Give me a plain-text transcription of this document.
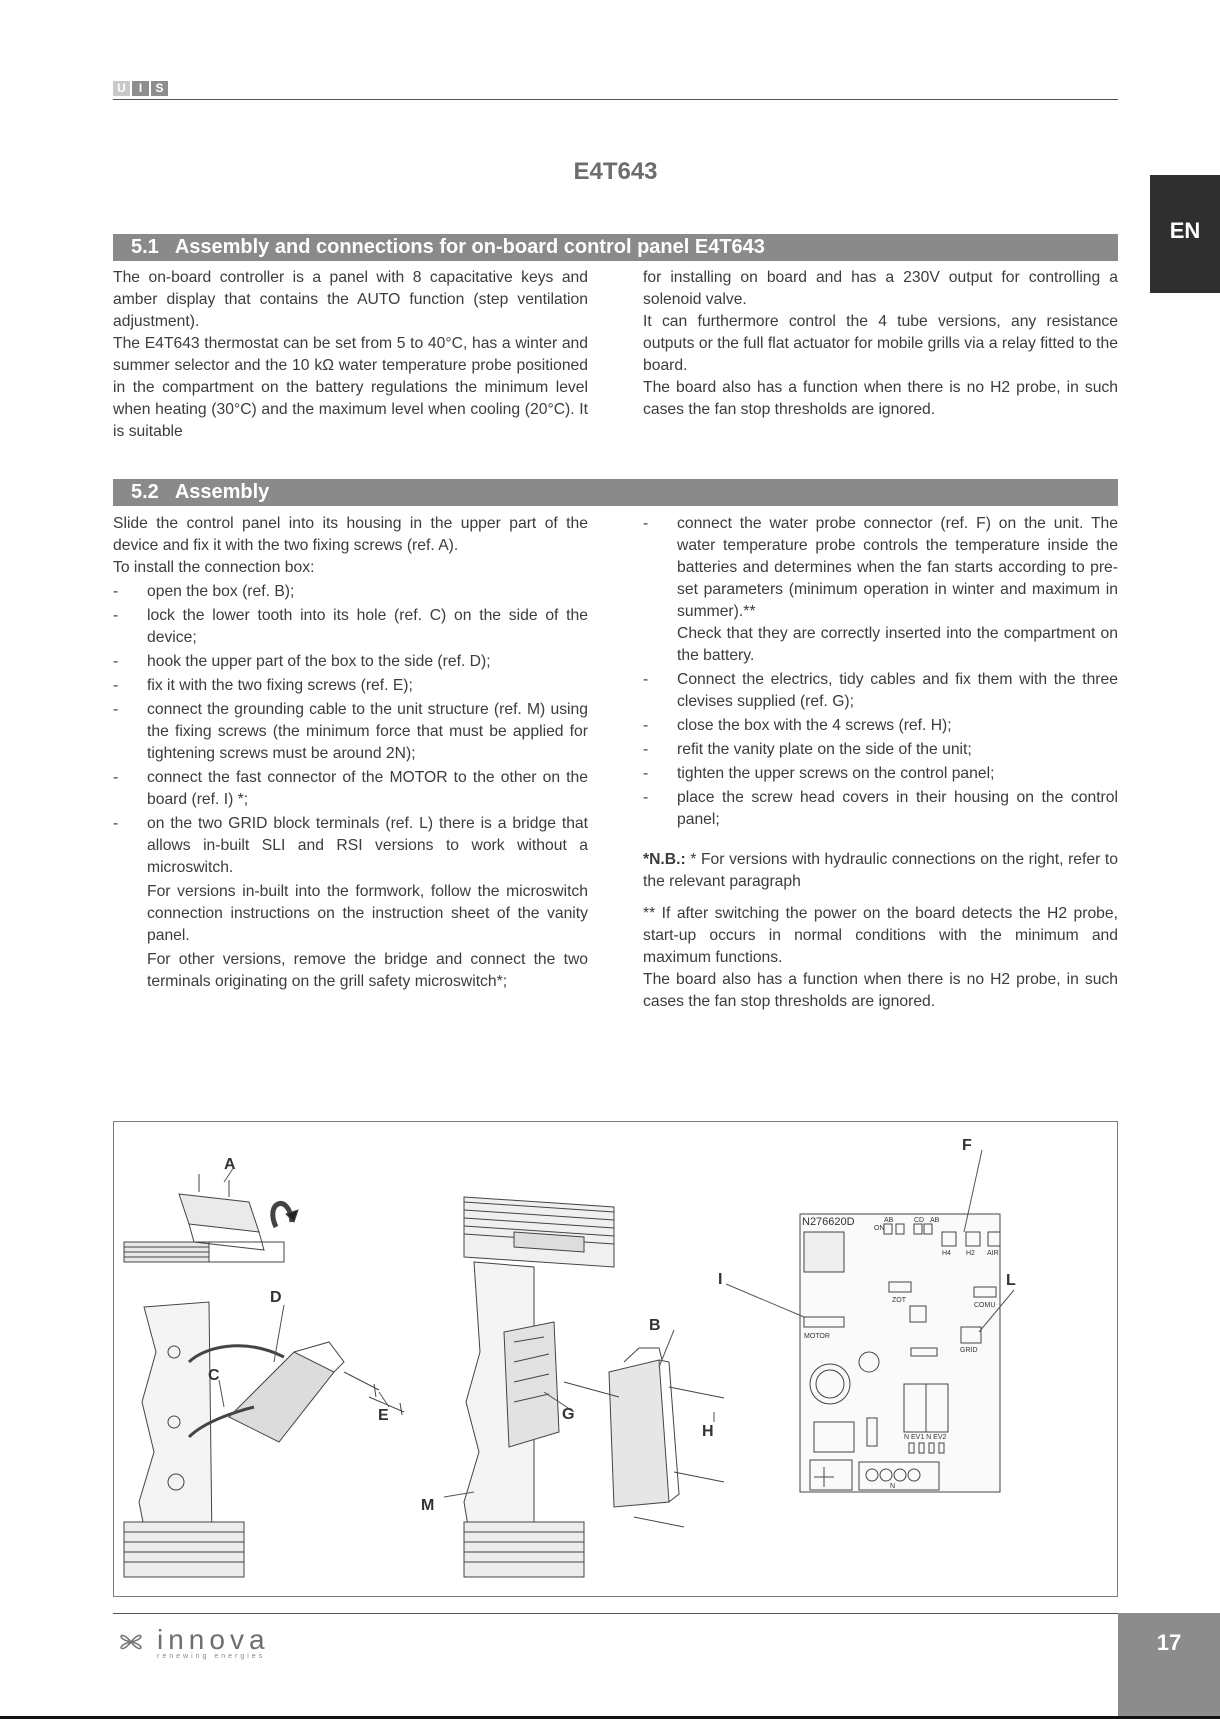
U	I	S
EN
E4T643
5.1 Assembly and connections for on-board control panel E4T643

The on-board controller is a panel with 8 capacitative keys and amber display that contains the AUTO function (step ventilation adjustment).

The E4T643 thermostat can be set from 5 to 40°C, has a winter and summer selector and the 10 kΩ water temperature probe positioned in the compartment on the battery regulations the minimum level when heating (30°C) and the maximum level when cooling (20°C). It is suitable

for installing on board and has a 230V output for controlling a solenoid valve.

It can furthermore control the 4 tube versions, any resistance outputs or the full flat actuator for mobile grills via a relay fitted to the board.

The board also has a function when there is no H2 probe, in such cases the fan stop thresholds are ignored.

5.2 Assembly

Slide the control panel into its housing in the upper part of the device and fix it with the two fixing screws (ref. A).

To install the connection box:

- open the box (ref. B);
- lock the lower tooth into its hole (ref. C) on the side of the device;
- hook the upper part of the box to the side (ref. D);
- fix it with the two fixing screws (ref. E);
- connect the grounding cable to the unit structure (ref. M) using the fixing screws (the minimum force that must be applied for tightening screws must be around 2N);
- connect the fast connector of the MOTOR to the other on the board (ref. I) *;
- on the two GRID block terminals (ref. L) there is a bridge that allows in-built SLI and RSI versions to work without a microswitch.
For versions in-built into the formwork, follow the microswitch connection instructions on the instruction sheet of the vanity panel.
For other versions, remove the bridge and connect the two terminals originating on the grill safety microswitch*;
- connect the water probe connector (ref. F) on the unit. The water temperature probe controls the temperature inside the batteries and determines when the fan starts according to pre-set parameters (minimum operation in winter and maximum in summer).**
Check that they are correctly inserted into the compartment on the battery.
- Connect the electrics, tidy cables and fix them with the three clevises supplied (ref. G);
- close the box with the 4 screws (ref. H);
- refit the vanity plate on the side of the unit;
- tighten the upper screws on the control panel;
- place the screw head covers in their housing on the control panel;

*N.B.: * For versions with hydraulic connections on the right, refer to the relevant paragraph

** If after switching the power on the board detects the H2 probe, start-up occurs in normal conditions with the minimum and maximum functions.

The board also has a function when there is no H2 probe, in such cases the fan stop thresholds are ignored.

A
B
C
D
E
F
G
H
I	L
M
N276620D	AB
ON
CD AB
H4 H2 AIR
ZOT
COMU
MOTOR
GRID
N EV1 N EV2
N
innova
renewing energies
17
